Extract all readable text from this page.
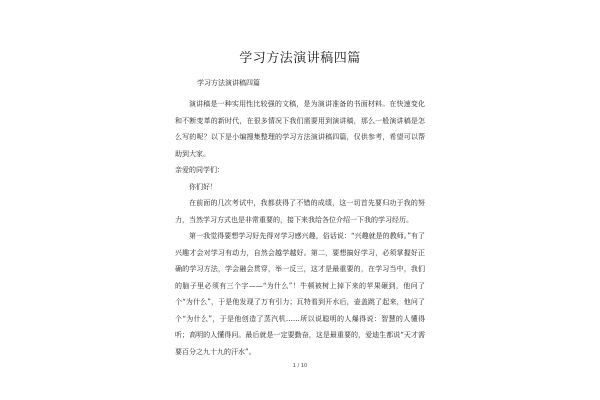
学习方法演讲稿四篇
学习方法演讲稿四篇

演讲稿是一种实用性比较强的文稿，是为演讲准备的书面材料。在快速变化和不断变革的新时代，在很多情况下我们需要用到演讲稿，那么一般演讲稿是怎么写的呢？以下是小编搜集整理的学习方法演讲稿四篇，仅供参考，希望可以帮助到大家。

亲爱的同学们：

你们好！

在前面的几次考试中，我都获得了不错的成绩，这一切首先要归功于我的努力，当然学习方式也是非常重要的，接下来我给各位介绍一下我的学习经历。

第一我觉得要想学习好先得对学习感兴趣，俗话说：“兴趣就是的教师。”有了兴趣才会对学习有动力，自然会越学越好。第二，要想搞好学习，必须掌握好正确的学习方法，学会融会贯穿，举一反三，这才是最重要的，在学习当中，我们的脑子里必须有三个字——“为什么”！牛顿被树上掉下来的苹果砸到，他问了个“为什么”，于是他发现了万有引力；瓦特看到开水后，壶盖跳了起来，他问了个“为什么”，于是他创造了蒸汽机……所以说聪明的人爆得说：智慧的人懂得听；高明的人懂得问。最后就是一定要勤奋，这是最重要的，爱迪生都说“天才需要百分之九十九的汗水”。

1 / 10
